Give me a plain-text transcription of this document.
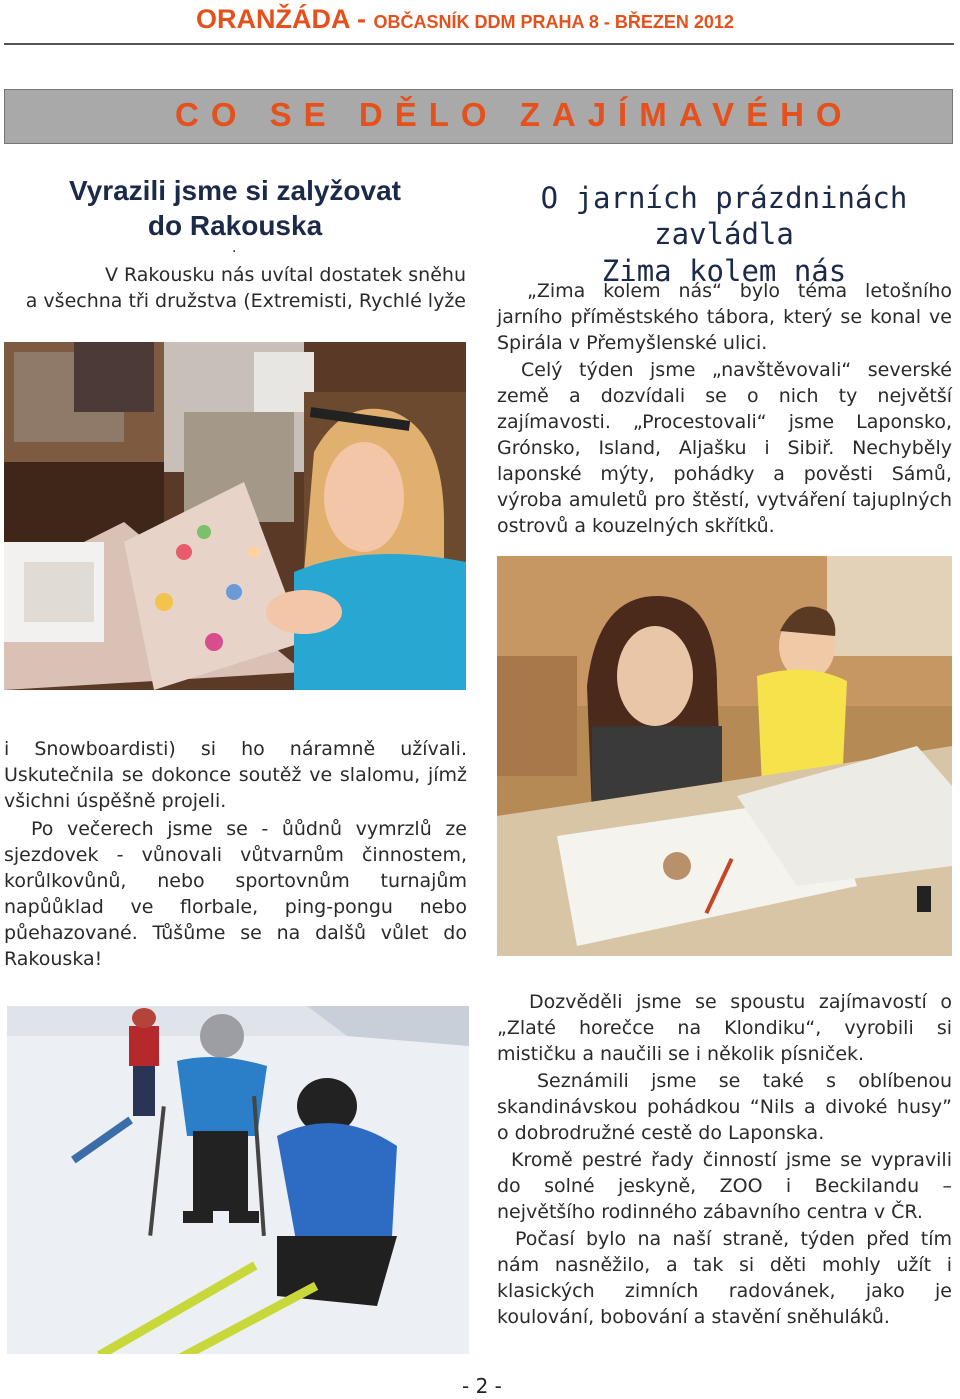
ORANŽÁDA - OBČASNÍK DDM PRAHA 8 - BŘEZEN 2012
CO SE DĚLO ZAJÍMAVÉHO
Vyrazili jsme si zalyžovat
do Rakouska
.
V Rakousku nás uvítal dostatek sněhu
a všechna tři družstva (Extremisti, Rychlé lyže
O jarních prázdninách zavládla
Zima kolem nás
„Zima kolem nás“ bylo téma letošního jarního příměstského tábora, který se konal ve Spirála v Přemyšlenské ulici.
Celý týden jsme „navštěvovali“ severské země a dozvídali se o nich ty největší zajímavosti. „Procestovali“ jsme Laponsko, Grónsko, Island, Aljašku i Sibiř. Nechyběly laponské mýty, pohádky a pověsti Sámů, výroba amuletů pro štěstí, vytváření tajuplných ostrovů a kouzelných skřítků.
i Snowboardisti) si ho náramně užívali. Uskutečnila se dokonce soutěž ve slalomu, jímž všichni úspěšně projeli.
Po večerech jsme se - ůůdnů vymrzlů ze sjezdovek - vůnovali vůtvarnům činnostem, korůlkovůnů, nebo sportovnům turnajům napůůklad ve florbale, ping-pongu nebo půehazované. Tůšůme se na dalšů vůlet do Rakouska!
Dozvěděli jsme se spoustu zajímavostí o „Zlaté horečce na Klondiku“, vyrobili si mističku a naučili se i několik písniček.
Seznámili jsme se také s oblíbenou skandinávskou pohádkou “Nils a divoké husy” o dobrodružné cestě do Laponska.
Kromě pestré řady činností jsme se vypravili do solné jeskyně, ZOO i Beckilandu – největšího rodinného zábavního centra v ČR.
Počasí bylo na naší straně, týden před tím nám nasněžilo, a tak si děti mohly užít i klasických zimních radovánek, jako je koulování, bobování a stavění sněhuláků.
- 2 -
